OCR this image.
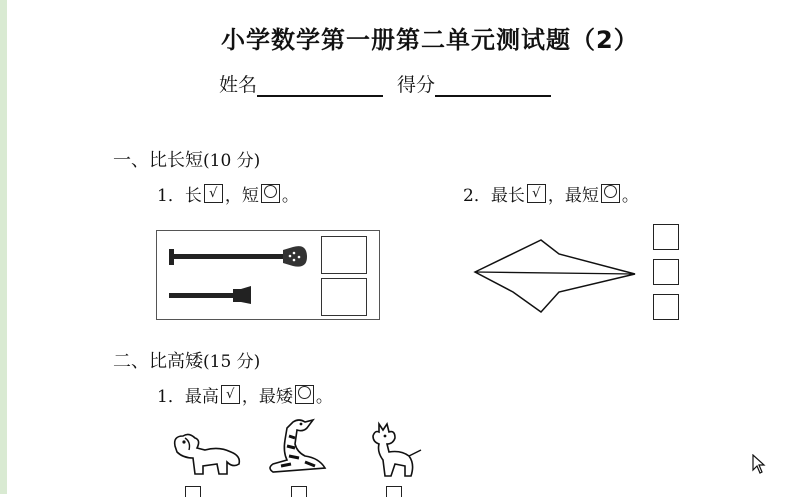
小学数学第一册第二单元测试题（2）
姓名	得分
一、比长短(10 分)
1．长 √ ，短 。	2．最长 √ ，最短 。
二、比高矮(15 分)
1．最高 √ ，最矮 。
